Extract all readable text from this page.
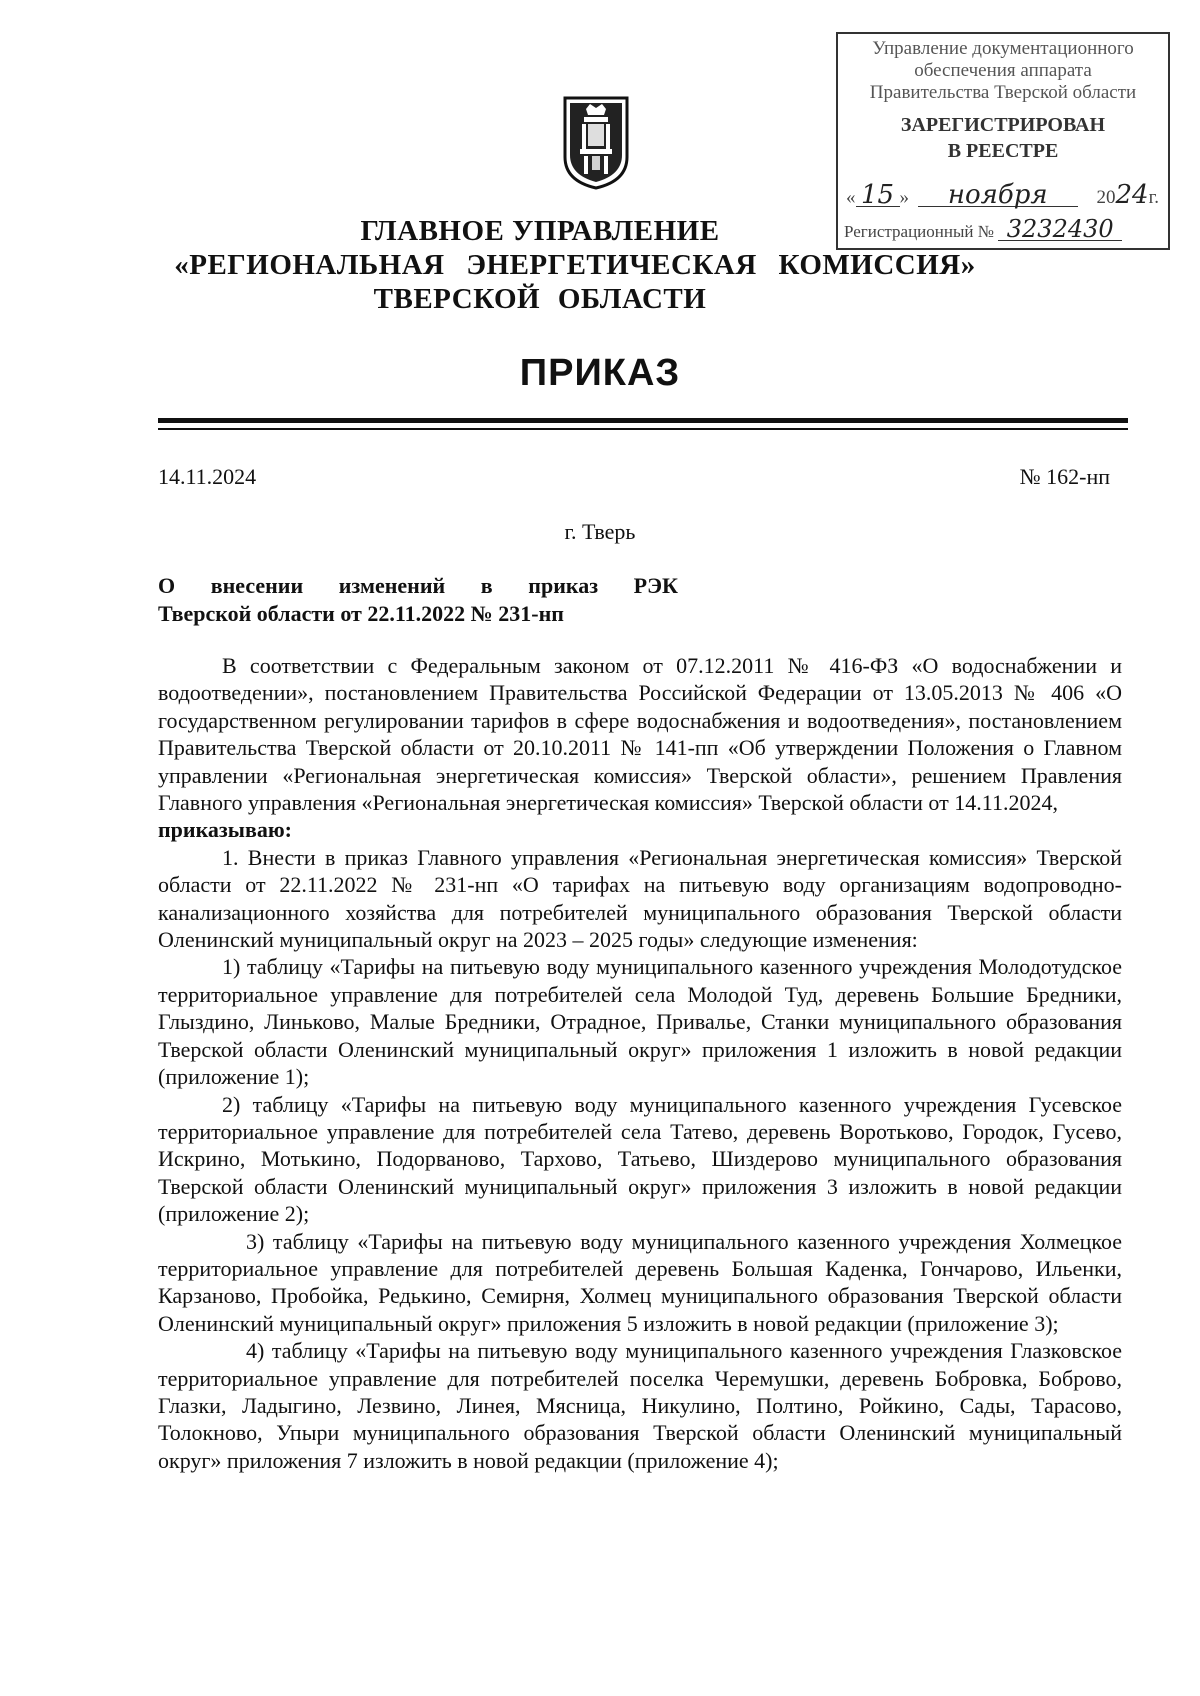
Управление документационного
обеспечения аппарата
Правительства Тверской области
ЗАРЕГИСТРИРОВАН
В РЕЕСТРЕ
« 15 » ноября	2024г.
Регистрационный № 3232430
ГЛАВНОЕ УПРАВЛЕНИЕ
«РЕГИОНАЛЬНАЯ ЭНЕРГЕТИЧЕСКАЯ КОМИССИЯ»
ТВЕРСКОЙ ОБЛАСТИ
ПРИКАЗ
14.11.2024	№ 162-нп
г. Тверь
О внесении изменений в приказ РЭК
Тверской области от 22.11.2022 № 231-нп

В соответствии с Федеральным законом от 07.12.2011 № 416-ФЗ «О водоснабжении и водоотведении», постановлением Правительства Российской Федерации от 13.05.2013 № 406 «О государственном регулировании тарифов в сфере водоснабжения и водоотведения», постановлением Правительства Тверской области от 20.10.2011 № 141-пп «Об утверждении Положения о Главном управлении «Региональная энергетическая комиссия» Тверской области», решением Правления Главного управления «Региональная энергетическая комиссия» Тверской области от 14.11.2024,

приказываю:

1. Внести в приказ Главного управления «Региональная энергетическая комиссия» Тверской области от 22.11.2022 № 231-нп «О тарифах на питьевую воду организациям водопроводно-канализационного хозяйства для потребителей муниципального образования Тверской области Оленинский муниципальный округ на 2023 – 2025 годы» следующие изменения:

1) таблицу «Тарифы на питьевую воду муниципального казенного учреждения Молодотудское территориальное управление для потребителей села Молодой Туд, деревень Большие Бредники, Глыздино, Линьково, Малые Бредники, Отрадное, Привалье, Станки муниципального образования Тверской области Оленинский муниципальный округ» приложения 1 изложить в новой редакции (приложение 1);

2) таблицу «Тарифы на питьевую воду муниципального казенного учреждения Гусевское территориальное управление для потребителей села Татево, деревень Воротьково, Городок, Гусево, Искрино, Мотькино, Подорваново, Тархово, Татьево, Шиздерово муниципального образования Тверской области Оленинский муниципальный округ» приложения 3 изложить в новой редакции (приложение 2);

3) таблицу «Тарифы на питьевую воду муниципального казенного учреждения Холмецкое территориальное управление для потребителей деревень Большая Каденка, Гончарово, Ильенки, Карзаново, Пробойка, Редькино, Семирня, Холмец муниципального образования Тверской области Оленинский муниципальный округ» приложения 5 изложить в новой редакции (приложение 3);

4) таблицу «Тарифы на питьевую воду муниципального казенного учреждения Глазковское территориальное управление для потребителей поселка Черемушки, деревень Бобровка, Боброво, Глазки, Ладыгино, Лезвино, Линея, Мясница, Никулино, Полтино, Ройкино, Сады, Тарасово, Толокново, Упыри муниципального образования Тверской области Оленинский муниципальный округ» приложения 7 изложить в новой редакции (приложение 4);
